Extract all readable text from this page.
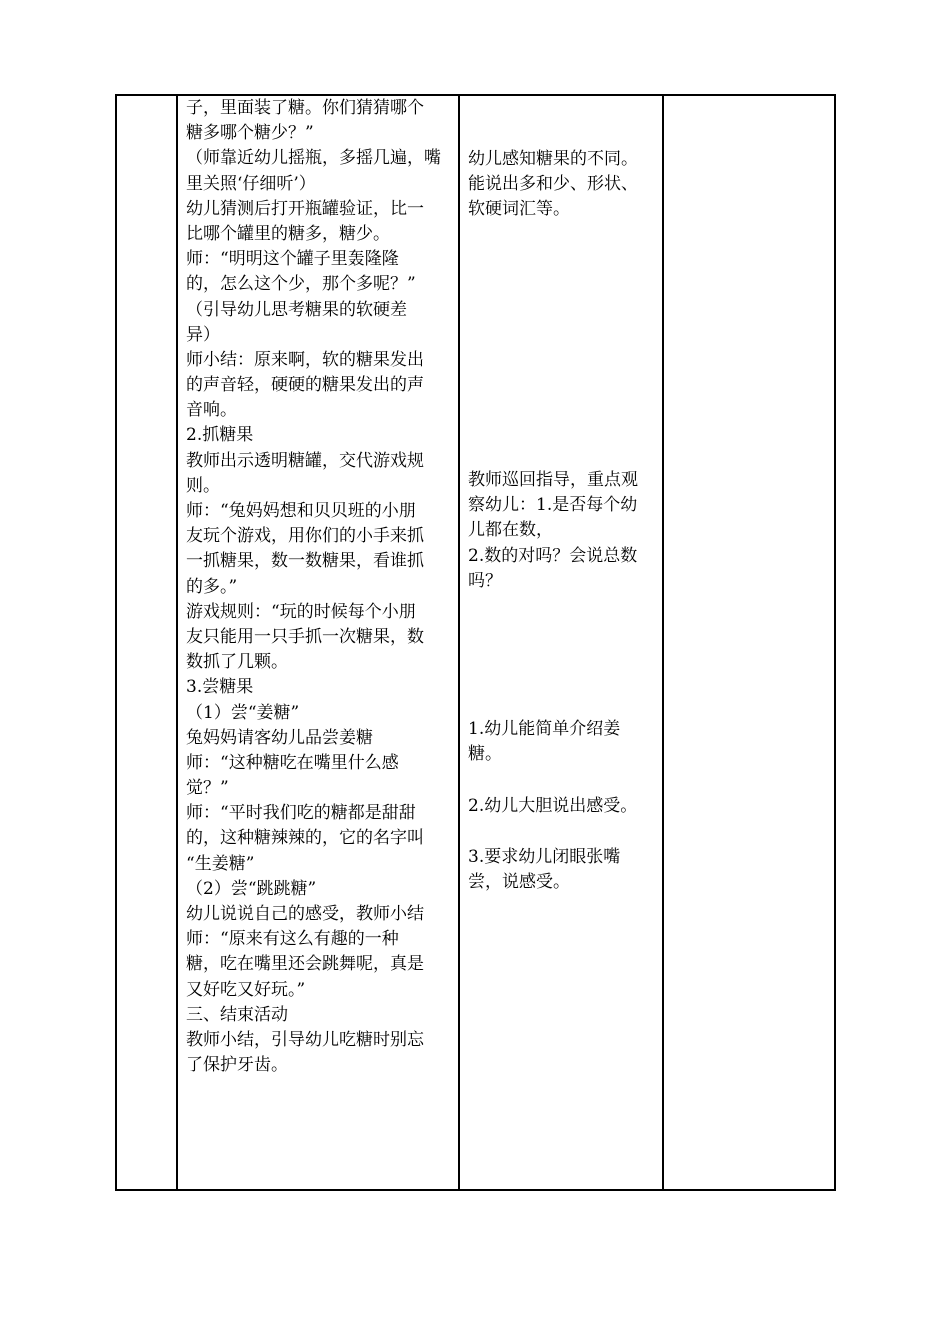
子，里面装了糖。你们猜猜哪个
糖多哪个糖少？”
（师靠近幼儿摇瓶，多摇几遍，嘴
里关照‘仔细听’）
幼儿猜测后打开瓶罐验证，比一
比哪个罐里的糖多，糖少。
师：“明明这个罐子里轰隆隆
的，怎么这个少，那个多呢？”
（引导幼儿思考糖果的软硬差
异）
师小结：原来啊，软的糖果发出
的声音轻，硬硬的糖果发出的声
音响。
2.抓糖果
教师出示透明糖罐，交代游戏规
则。
师：“兔妈妈想和贝贝班的小朋
友玩个游戏，用你们的小手来抓
一抓糖果，数一数糖果，看谁抓
的多。”
游戏规则：“玩的时候每个小朋
友只能用一只手抓一次糖果，数
数抓了几颗。
3.尝糖果
（1）尝“姜糖”
兔妈妈请客幼儿品尝姜糖
师：“这种糖吃在嘴里什么感
觉？”
师：“平时我们吃的糖都是甜甜
的，这种糖辣辣的，它的名字叫
“生姜糖”
（2）尝“跳跳糖”
幼儿说说自己的感受，教师小结
师：“原来有这么有趣的一种
糖，吃在嘴里还会跳舞呢，真是
又好吃又好玩。”
三、结束活动
教师小结，引导幼儿吃糖时别忘
了保护牙齿。
幼儿感知糖果的不同。
能说出多和少、形状、
软硬词汇等。
教师巡回指导，重点观
察幼儿：1.是否每个幼
儿都在数，
2.数的对吗？会说总数
吗？
1.幼儿能简单介绍姜
糖。
2.幼儿大胆说出感受。
3.要求幼儿闭眼张嘴
尝，说感受。
